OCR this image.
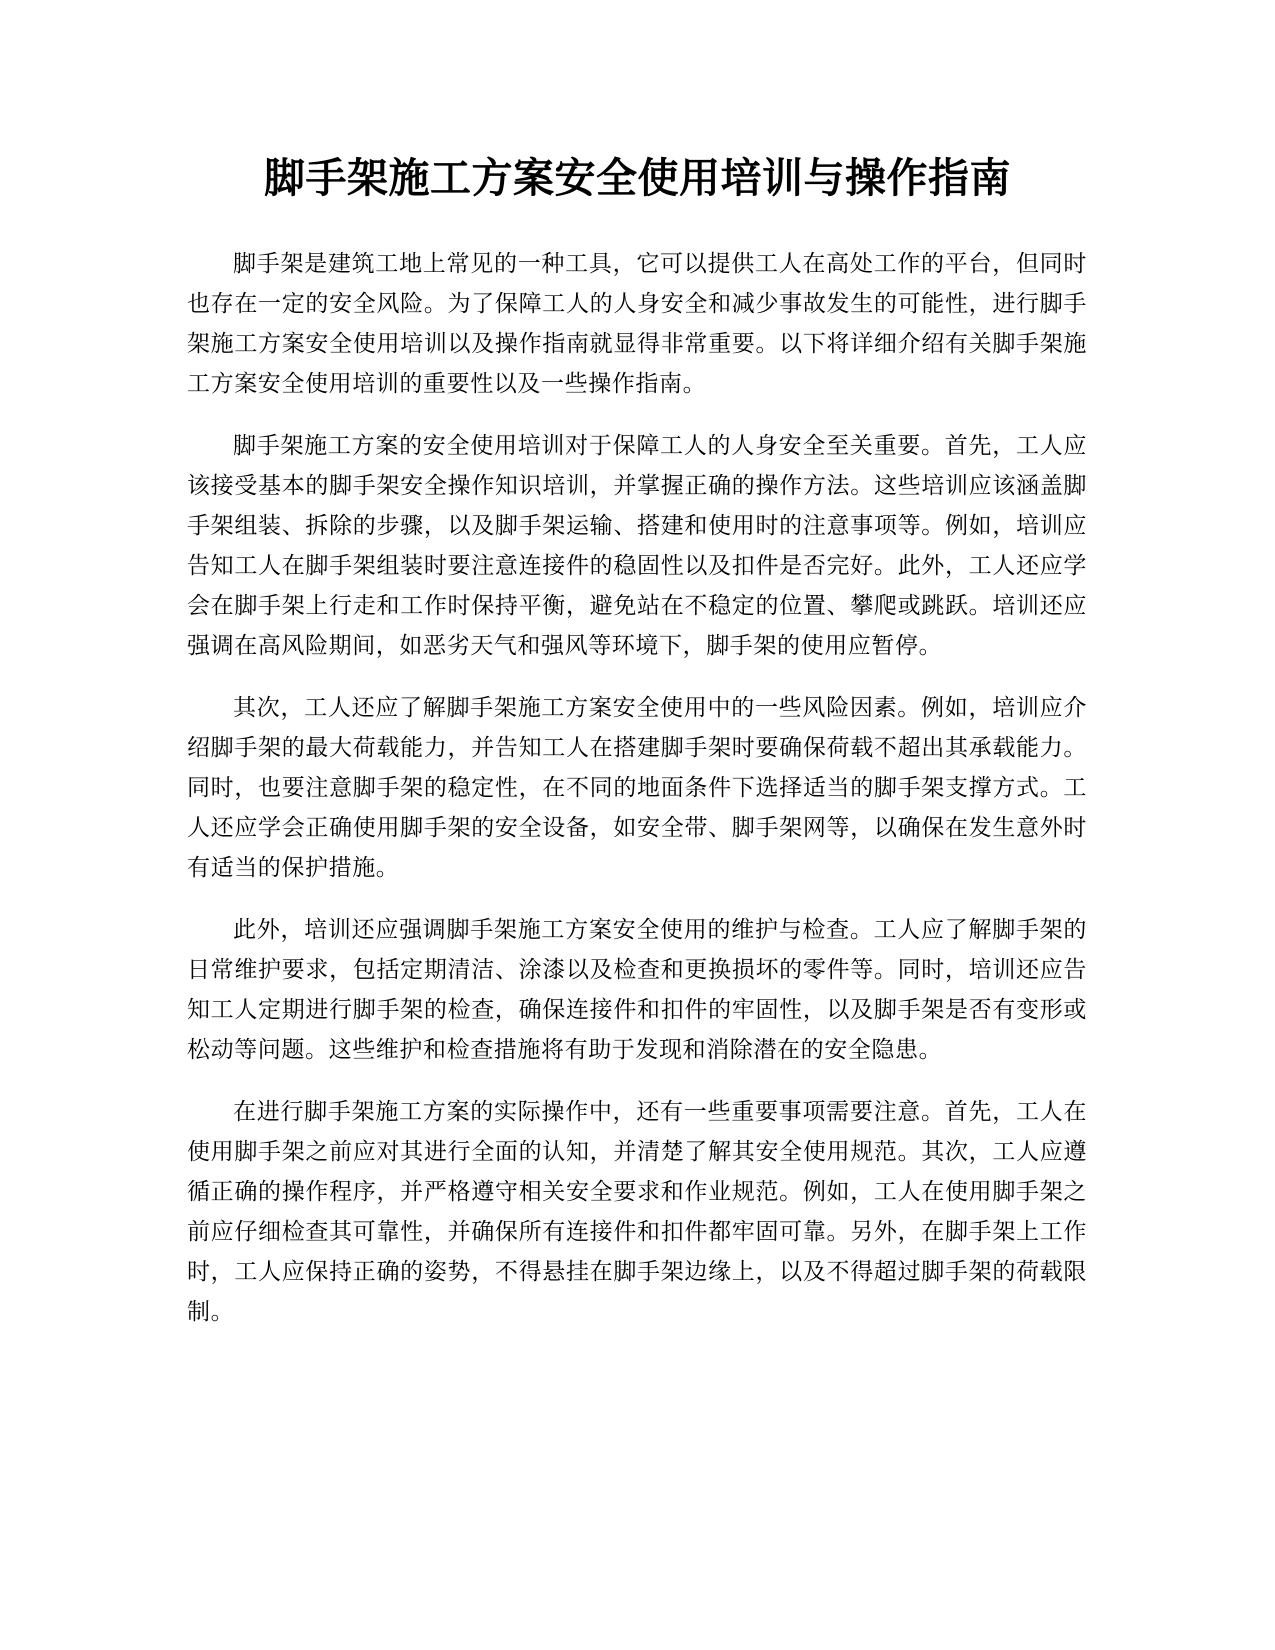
脚手架施工方案安全使用培训与操作指南

脚手架是建筑工地上常见的一种工具，它可以提供工人在高处工作的平台，但同时也存在一定的安全风险。为了保障工人的人身安全和减少事故发生的可能性，进行脚手架施工方案安全使用培训以及操作指南就显得非常重要。以下将详细介绍有关脚手架施工方案安全使用培训的重要性以及一些操作指南。

脚手架施工方案的安全使用培训对于保障工人的人身安全至关重要。首先，工人应该接受基本的脚手架安全操作知识培训，并掌握正确的操作方法。这些培训应该涵盖脚手架组装、拆除的步骤，以及脚手架运输、搭建和使用时的注意事项等。例如，培训应告知工人在脚手架组装时要注意连接件的稳固性以及扣件是否完好。此外，工人还应学会在脚手架上行走和工作时保持平衡，避免站在不稳定的位置、攀爬或跳跃。培训还应强调在高风险期间，如恶劣天气和强风等环境下，脚手架的使用应暂停。

其次，工人还应了解脚手架施工方案安全使用中的一些风险因素。例如，培训应介绍脚手架的最大荷载能力，并告知工人在搭建脚手架时要确保荷载不超出其承载能力。同时，也要注意脚手架的稳定性，在不同的地面条件下选择适当的脚手架支撑方式。工人还应学会正确使用脚手架的安全设备，如安全带、脚手架网等，以确保在发生意外时有适当的保护措施。

此外，培训还应强调脚手架施工方案安全使用的维护与检查。工人应了解脚手架的日常维护要求，包括定期清洁、涂漆以及检查和更换损坏的零件等。同时，培训还应告知工人定期进行脚手架的检查，确保连接件和扣件的牢固性，以及脚手架是否有变形或松动等问题。这些维护和检查措施将有助于发现和消除潜在的安全隐患。

在进行脚手架施工方案的实际操作中，还有一些重要事项需要注意。首先，工人在使用脚手架之前应对其进行全面的认知，并清楚了解其安全使用规范。其次，工人应遵循正确的操作程序，并严格遵守相关安全要求和作业规范。例如，工人在使用脚手架之前应仔细检查其可靠性，并确保所有连接件和扣件都牢固可靠。另外，在脚手架上工作时，工人应保持正确的姿势，不得悬挂在脚手架边缘上，以及不得超过脚手架的荷载限制。
